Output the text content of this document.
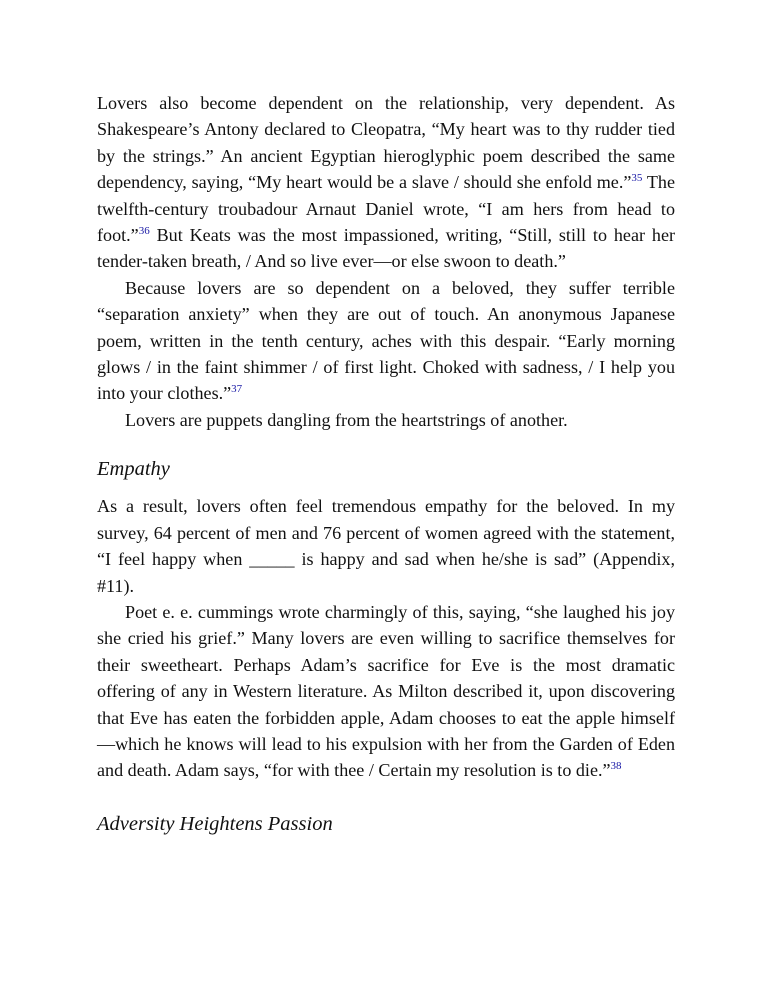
Lovers also become dependent on the relationship, very dependent. As Shakespeare’s Antony declared to Cleopatra, “My heart was to thy rudder tied by the strings.” An ancient Egyptian hieroglyphic poem described the same dependency, saying, “My heart would be a slave / should she enfold me.”$^{35}$ The twelfth-century troubadour Arnaut Daniel wrote, “I am hers from head to foot.”$^{36}$ But Keats was the most impassioned, writing, “Still, still to hear her tender-taken breath, / And so live ever—or else swoon to death.”

Because lovers are so dependent on a beloved, they suffer terrible “separation anxiety” when they are out of touch. An anonymous Japanese poem, written in the tenth century, aches with this despair. “Early morning glows / in the faint shimmer / of first light. Choked with sadness, / I help you into your clothes.”$^{37}$

Lovers are puppets dangling from the heartstrings of another.

Empathy

As a result, lovers often feel tremendous empathy for the beloved. In my survey, 64 percent of men and 76 percent of women agreed with the statement, “I feel happy when _____ is happy and sad when he/she is sad” (Appendix, #11).

Poet e. e. cummings wrote charmingly of this, saying, “she laughed his joy she cried his grief.” Many lovers are even willing to sacrifice themselves for their sweetheart. Perhaps Adam’s sacrifice for Eve is the most dramatic offering of any in Western literature. As Milton described it, upon discovering that Eve has eaten the forbidden apple, Adam chooses to eat the apple himself—which he knows will lead to his expulsion with her from the Garden of Eden and death. Adam says, “for with thee / Certain my resolution is to die.”$^{38}$

Adversity Heightens Passion
